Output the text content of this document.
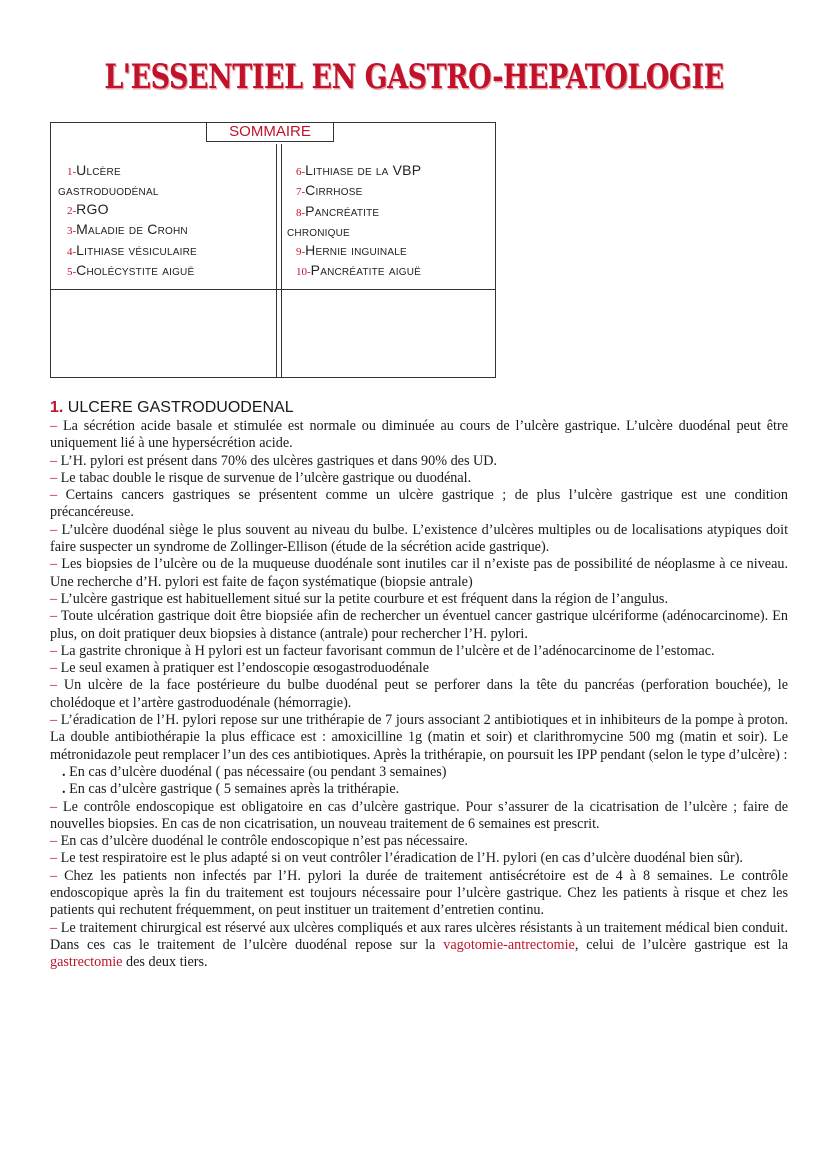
L'ESSENTIEL EN GASTRO-HEPATOLOGIE
SOMMAIRE
1-Ulcère
gastroduodénal
2-RGO
3-Maladie de Crohn
4-Lithiase vésiculaire
5-Cholécystite aiguë
6-Lithiase de la VBP
7-Cirrhose
8-Pancréatite
chronique
9-Hernie inguinale
10-Pancréatite aiguë
1. ULCERE GASTRODUODENAL

– La sécrétion acide basale et stimulée est normale ou diminuée au cours de l’ulcère gastrique. L’ulcère duodénal peut être uniquement lié à une hypersécrétion acide.

– L’H. pylori est présent dans 70% des ulcères gastriques et dans 90% des UD.

– Le tabac double le risque de survenue de l’ulcère gastrique ou duodénal.

– Certains cancers gastriques se présentent comme un ulcère gastrique ; de plus l’ulcère gastrique est une condition précancéreuse.

– L’ulcère duodénal siège le plus souvent au niveau du bulbe. L’existence d’ulcères multiples ou de localisations atypiques doit faire suspecter un syndrome de Zollinger-Ellison (étude de la sécrétion acide gastrique).

– Les biopsies de l’ulcère ou de la muqueuse duodénale sont inutiles car il n’existe pas de possibilité de néoplasme à ce niveau. Une recherche d’H. pylori est faite de façon systématique (biopsie antrale)

– L’ulcère gastrique est habituellement situé sur la petite courbure et est fréquent dans la région de l’angulus.

– Toute ulcération gastrique doit être biopsiée afin de rechercher un éventuel cancer gastrique ulcériforme (adénocarcinome). En plus, on doit pratiquer deux biopsies à distance (antrale) pour rechercher l’H. pylori.

– La gastrite chronique à H pylori est un facteur favorisant commun de l’ulcère et de l’adénocarcinome de l’estomac.

– Le seul examen à pratiquer est l’endoscopie œsogastroduodénale

– Un ulcère de la face postérieure du bulbe duodénal peut se perforer dans la tête du pancréas (perforation bouchée), le cholédoque et l’artère gastroduodénale (hémorragie).

– L’éradication de l’H. pylori repose sur une trithérapie de 7 jours associant 2 antibiotiques et in inhibiteurs de la pompe à proton. La double antibiothérapie la plus efficace est : amoxicilline 1g (matin et soir) et clarithromycine 500 mg (matin et soir). Le métronidazole peut remplacer l’un des ces antibiotiques. Après la trithérapie, on poursuit les IPP pendant (selon le type d’ulcère) :

. En cas d’ulcère duodénal ( pas nécessaire (ou pendant 3 semaines)

. En cas d’ulcère gastrique ( 5 semaines après la trithérapie.

– Le contrôle endoscopique est obligatoire en cas d’ulcère gastrique. Pour s’assurer de la cicatrisation de l’ulcère ; faire de nouvelles biopsies. En cas de non cicatrisation, un nouveau traitement de 6 semaines est prescrit.

– En cas d’ulcère duodénal le contrôle endoscopique n’est pas nécessaire.

– Le test respiratoire est le plus adapté si on veut contrôler l’éradication de l’H. pylori (en cas d’ulcère duodénal bien sûr).

– Chez les patients non infectés par l’H. pylori la durée de traitement antisécrétoire est de 4 à 8 semaines. Le contrôle endoscopique après la fin du traitement est toujours nécessaire pour l’ulcère gastrique. Chez les patients à risque et chez les patients qui rechutent fréquemment, on peut instituer un traitement d’entretien continu.

– Le traitement chirurgical est réservé aux ulcères compliqués et aux rares ulcères résistants à un traitement médical bien conduit. Dans ces cas le traitement de l’ulcère duodénal repose sur la vagotomie-antrectomie, celui de l’ulcère gastrique est la gastrectomie des deux tiers.
